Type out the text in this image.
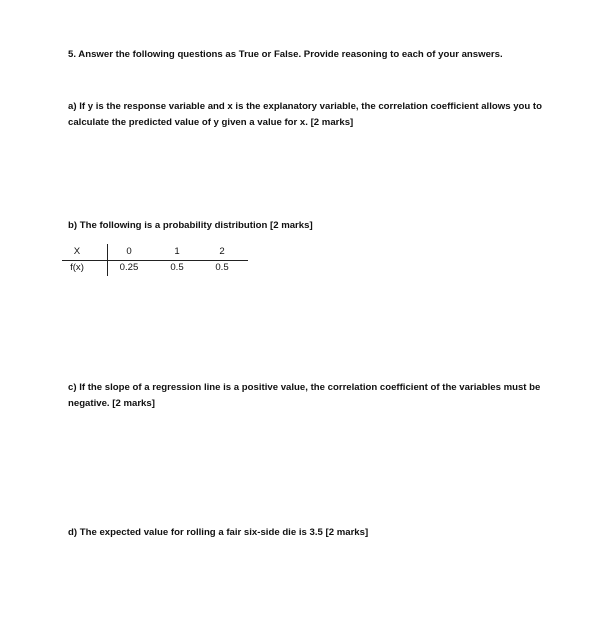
5. Answer the following questions as True or False. Provide reasoning to each of your answers.
a) If y is the response variable and x is the explanatory variable, the correlation coefficient allows you to
calculate the predicted value of y given a value for x. [2 marks]
b) The following is a probability distribution [2 marks]
X	0	1	2
f(x)	0.25	0.5	0.5
c) If the slope of a regression line is a positive value, the correlation coefficient of the variables must be
negative. [2 marks]
d) The expected value for rolling a fair six-side die is 3.5 [2 marks]
